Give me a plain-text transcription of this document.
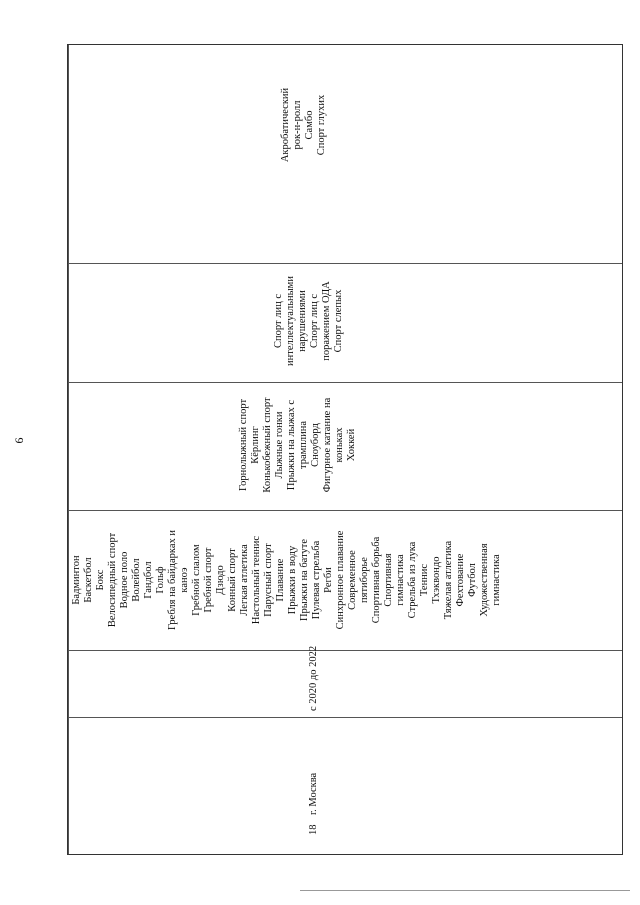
9
18
г. Москва
с 2020 до 2022
Бадминтон Баскетбол Бокс Велосипедный спорт Водное поло Волейбол Гандбол Гольф Гребля на байдарках и каноэ Гребной слалом Гребной спорт Дзюдо Конный спорт Легкая атлетика Настольный теннис Парусный спорт Плавание Прыжки в воду Прыжки на батуте Пулевая стрельба Регби Синхронное плавание Современное пятиборье Спортивная борьба Спортивная гимнастика Стрельба из лука Теннис Тхэквондо Тяжелая атлетика Фехтование Футбол Художественная гимнастика
Горнолыжный спорт Кёрлинг Конькобежный спорт Лыжные гонки Прыжки на лыжах с трамплина Сноуборд Фигурное катание на коньках Хоккей
Спорт лиц с интеллектуальными нарушениями Спорт лиц с поражением ОДА Спорт слепых
Акробатический рок-н-ролл Самбо Спорт глухих
